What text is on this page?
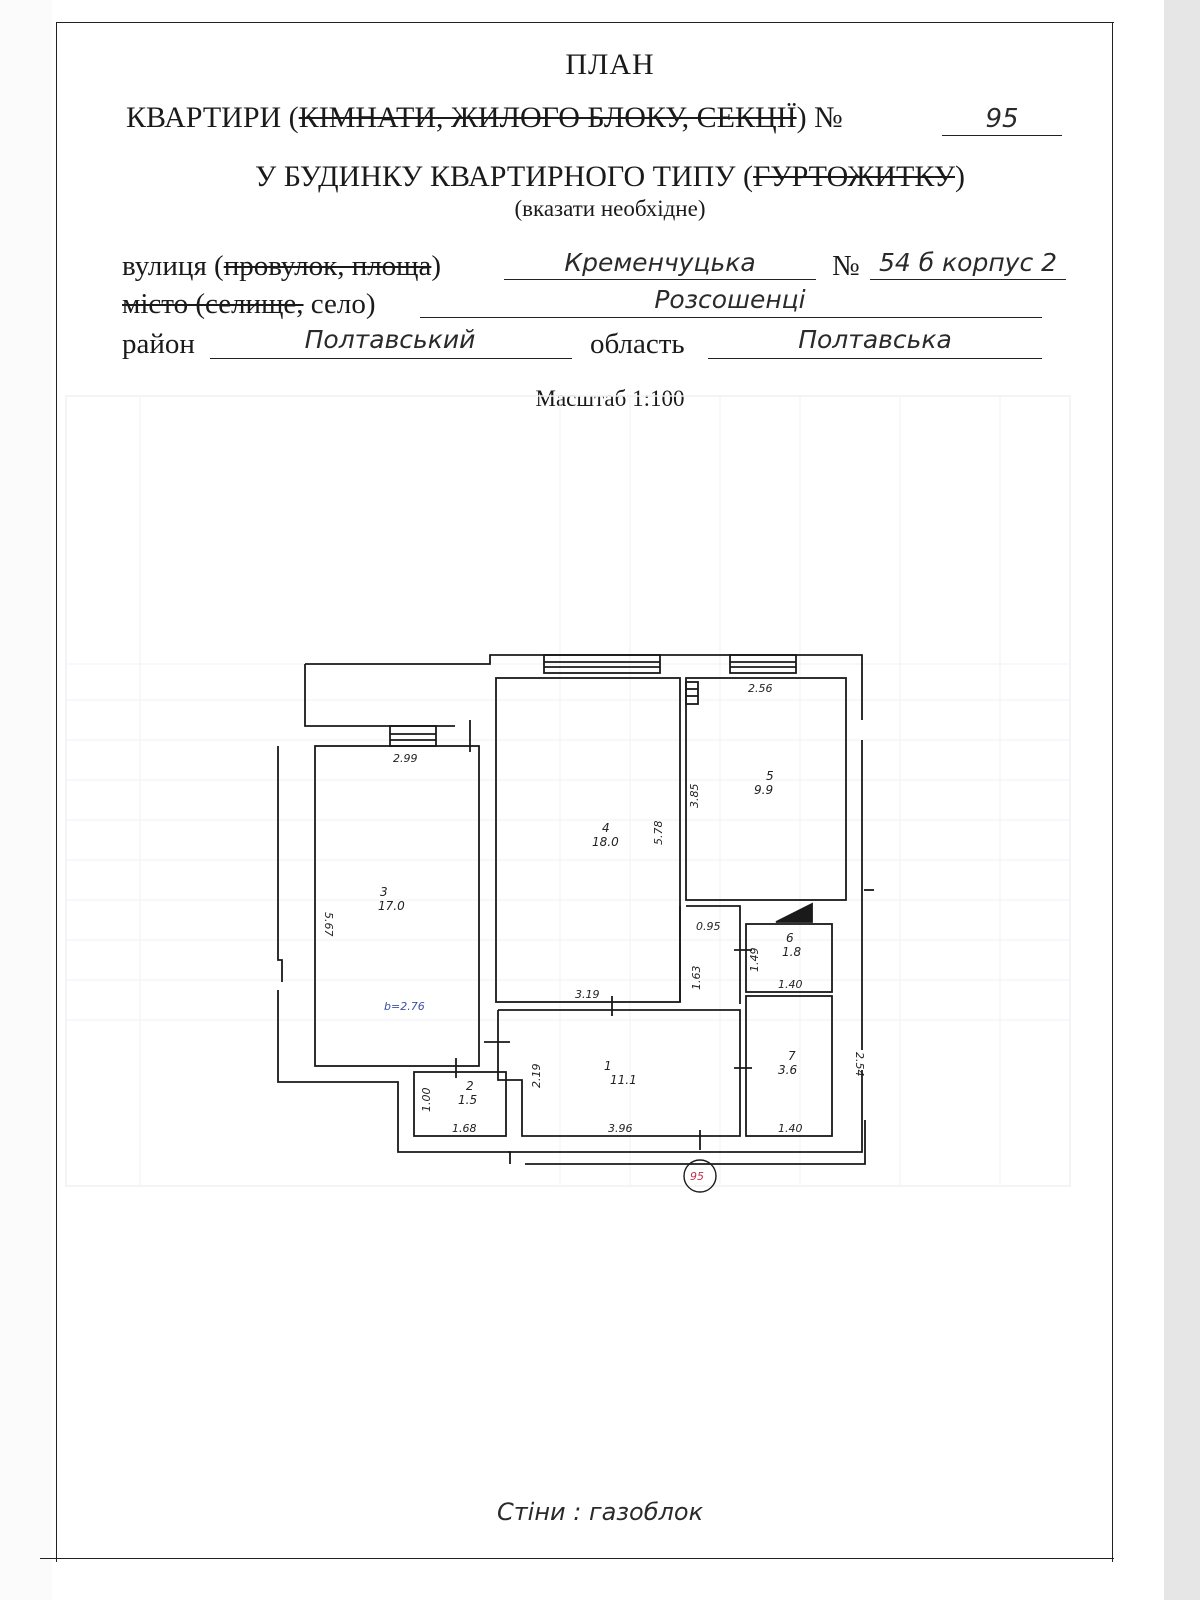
ПЛАН
КВАРТИРИ (КІМНАТИ, ЖИЛОГО БЛОКУ, СЕКЦІЇ) №	95
У БУДИНКУ КВАРТИРНОГО ТИПУ (ГУРТОЖИТКУ)
(вказати необхідне)
вулиця (провулок, площа)	Кременчуцька	№ 54 б корпус 2
місто (селище, село)	Розсошенці
район	Полтавський	область	Полтавська
Масштаб 1:100
2.99
5.67
5.78
3.19
2.56
3.85
1.40
1.49
1.40
2.54
3.96
2.19
1.63
1.68
1.00
0.95
1
11.1
2
1.5
3
17.0
4
18.0
5
9.9
6
1.8
7
3.6
b=2.76
95
Стіни : газоблок
